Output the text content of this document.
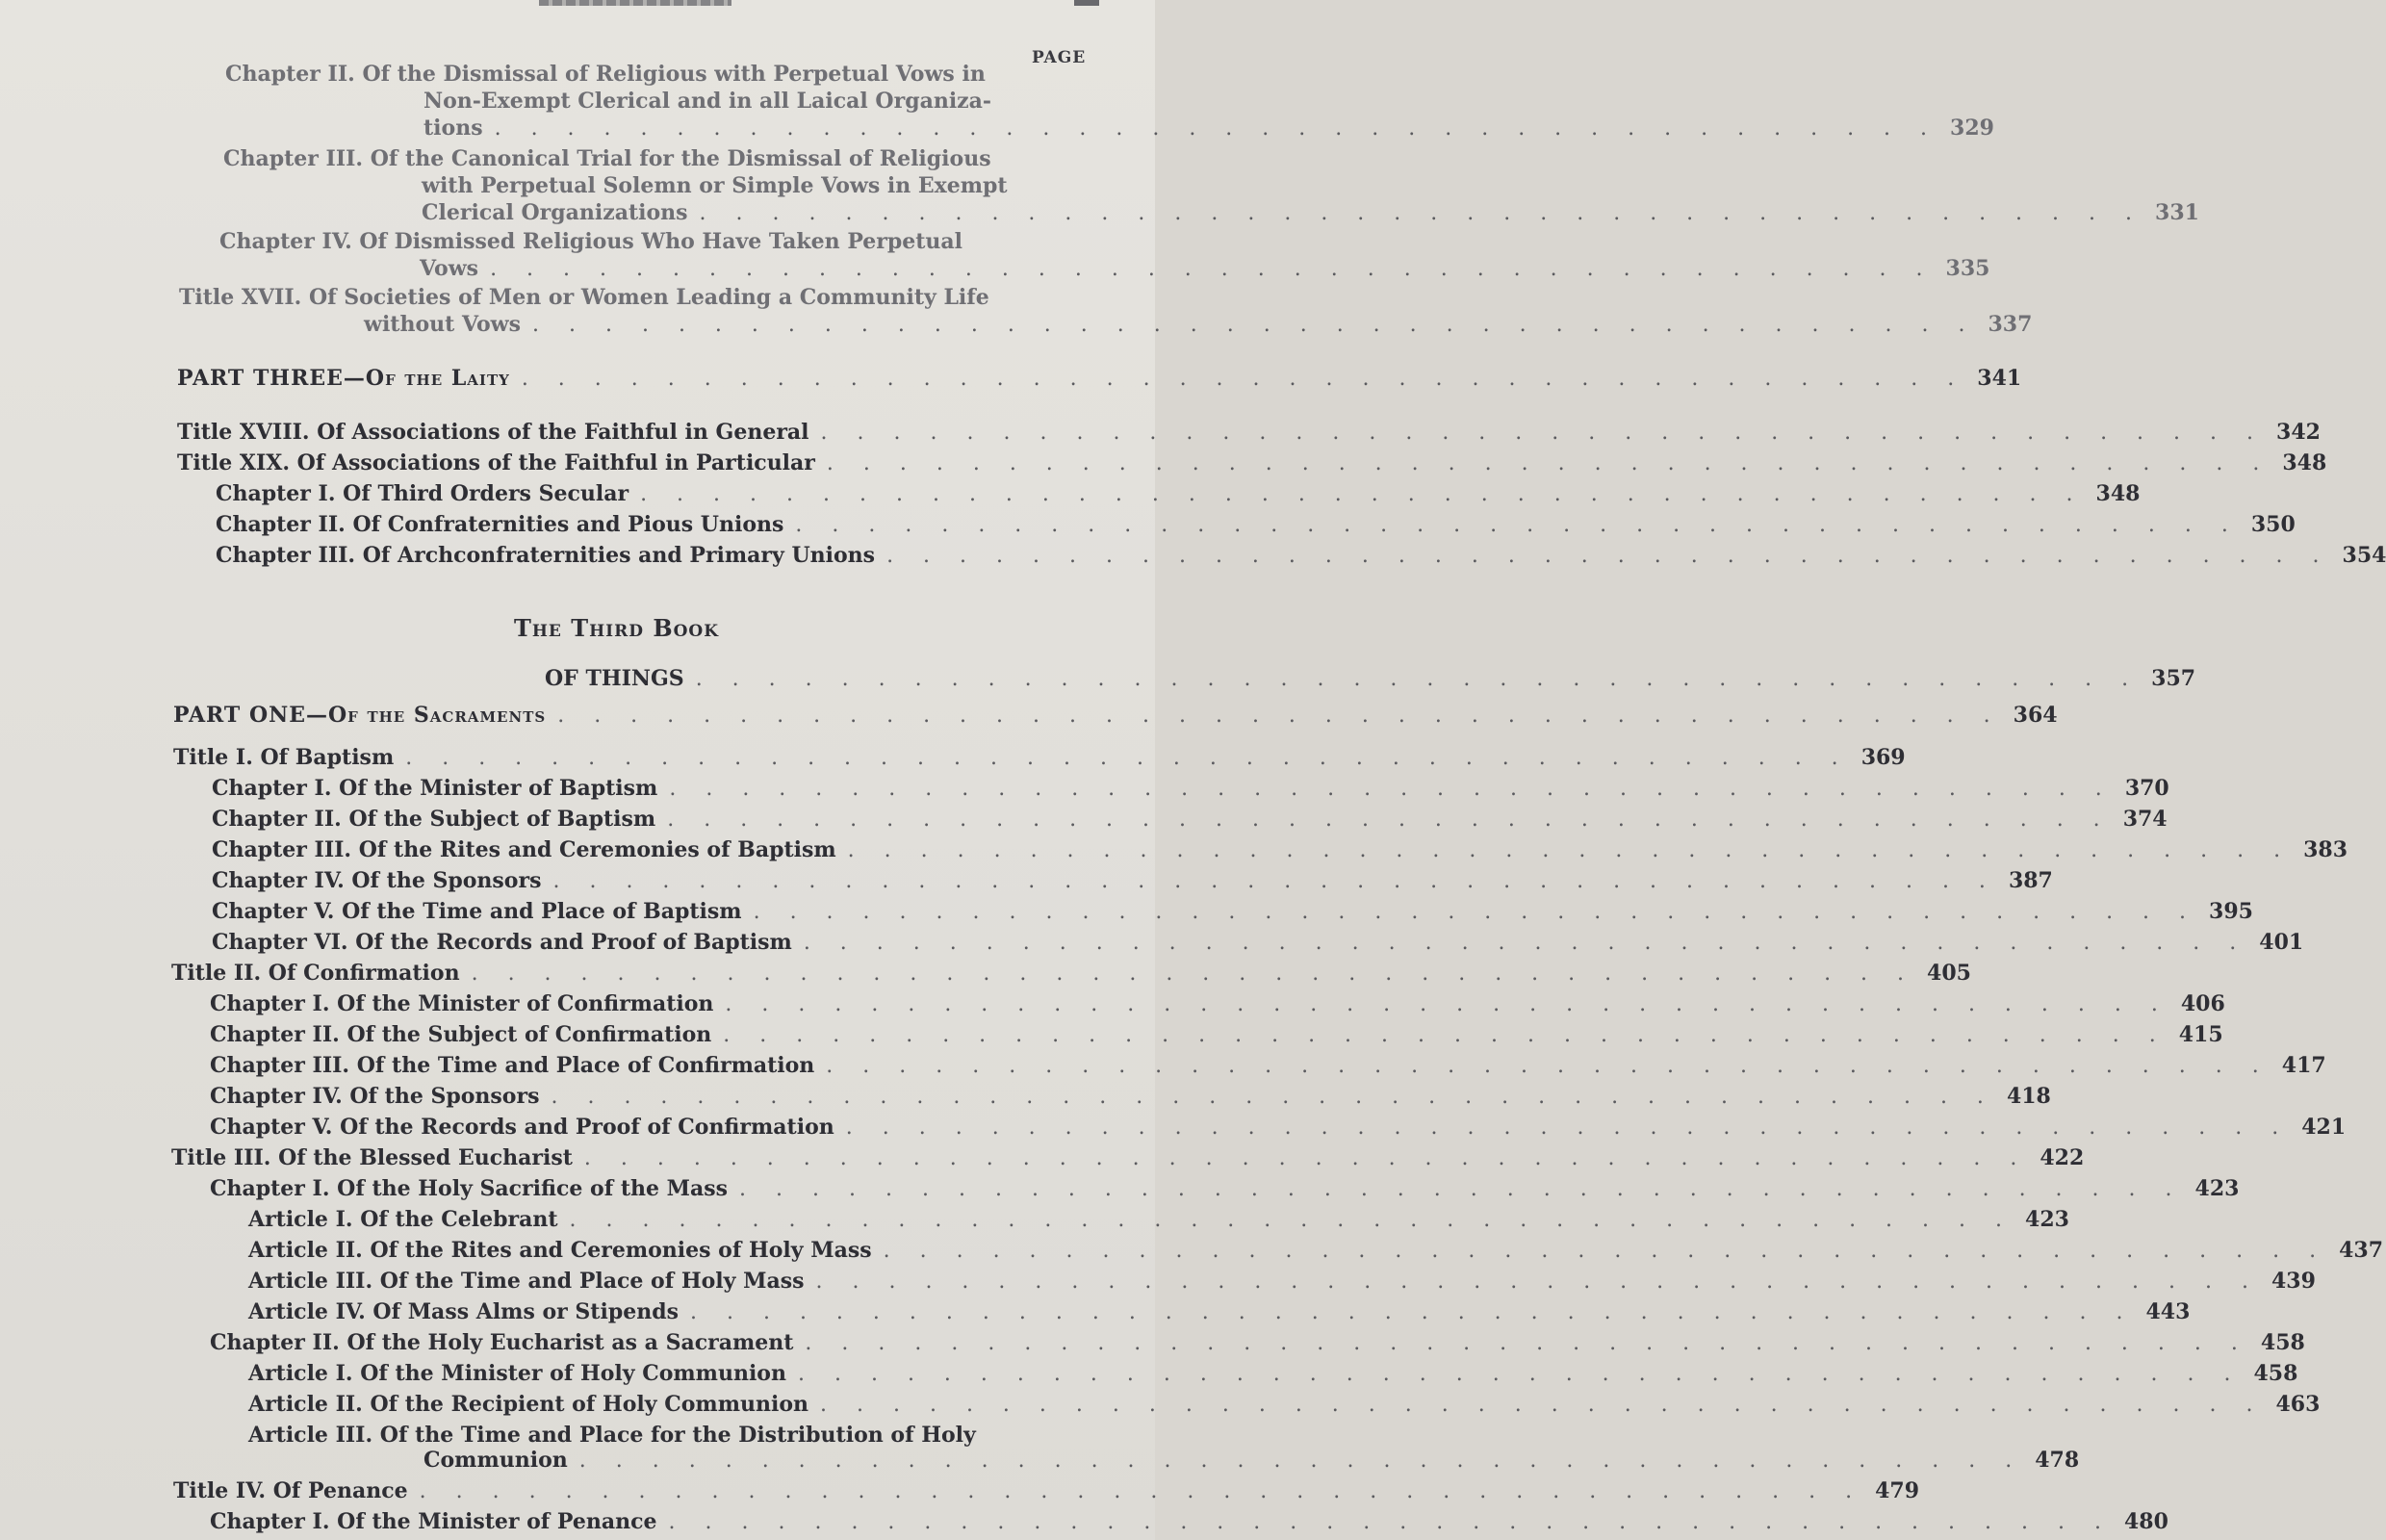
PAGE
Chapter II. Of the Dismissal of Religious with Perpetual Vows in
Non-Exempt Clerical and in all Laical Organiza-
tions . . . . . . . . . . . . . . . . . . . . . . . . . . . . . . . . . . . . . . . . 329
Chapter III. Of the Canonical Trial for the Dismissal of Religious
with Perpetual Solemn or Simple Vows in Exempt
Clerical Organizations . . . . . . . . . . . . . . . . . . . . . . . . . . . . . . . . . . . . . . . . 331
Chapter IV. Of Dismissed Religious Who Have Taken Perpetual
Vows . . . . . . . . . . . . . . . . . . . . . . . . . . . . . . . . . . . . . . . . 335
Title XVII. Of Societies of Men or Women Leading a Community Life
without Vows . . . . . . . . . . . . . . . . . . . . . . . . . . . . . . . . . . . . . . . . 337
PART THREE—Of the Laity . . . . . . . . . . . . . . . . . . . . . . . . . . . . . . . . . . . . . . . . 341
Title XVIII. Of Associations of the Faithful in General . . . . . . . . . . . . . . . . . . . . . . . . . . . . . . . . . . . . . . . . 342
Title XIX. Of Associations of the Faithful in Particular . . . . . . . . . . . . . . . . . . . . . . . . . . . . . . . . . . . . . . . . 348
Chapter I. Of Third Orders Secular . . . . . . . . . . . . . . . . . . . . . . . . . . . . . . . . . . . . . . . . 348
Chapter II. Of Confraternities and Pious Unions . . . . . . . . . . . . . . . . . . . . . . . . . . . . . . . . . . . . . . . . 350
Chapter III. Of Archconfraternities and Primary Unions . . . . . . . . . . . . . . . . . . . . . . . . . . . . . . . . . . . . . . . . 354
The Third Book
OF THINGS . . . . . . . . . . . . . . . . . . . . . . . . . . . . . . . . . . . . . . . . 357
PART ONE—Of the Sacraments . . . . . . . . . . . . . . . . . . . . . . . . . . . . . . . . . . . . . . . . 364
Title I. Of Baptism . . . . . . . . . . . . . . . . . . . . . . . . . . . . . . . . . . . . . . . . 369
Chapter I. Of the Minister of Baptism . . . . . . . . . . . . . . . . . . . . . . . . . . . . . . . . . . . . . . . . 370
Chapter II. Of the Subject of Baptism . . . . . . . . . . . . . . . . . . . . . . . . . . . . . . . . . . . . . . . . 374
Chapter III. Of the Rites and Ceremonies of Baptism . . . . . . . . . . . . . . . . . . . . . . . . . . . . . . . . . . . . . . . . 383
Chapter IV. Of the Sponsors . . . . . . . . . . . . . . . . . . . . . . . . . . . . . . . . . . . . . . . . 387
Chapter V. Of the Time and Place of Baptism . . . . . . . . . . . . . . . . . . . . . . . . . . . . . . . . . . . . . . . . 395
Chapter VI. Of the Records and Proof of Baptism . . . . . . . . . . . . . . . . . . . . . . . . . . . . . . . . . . . . . . . . 401
Title II. Of Confirmation . . . . . . . . . . . . . . . . . . . . . . . . . . . . . . . . . . . . . . . . 405
Chapter I. Of the Minister of Confirmation . . . . . . . . . . . . . . . . . . . . . . . . . . . . . . . . . . . . . . . . 406
Chapter II. Of the Subject of Confirmation . . . . . . . . . . . . . . . . . . . . . . . . . . . . . . . . . . . . . . . . 415
Chapter III. Of the Time and Place of Confirmation . . . . . . . . . . . . . . . . . . . . . . . . . . . . . . . . . . . . . . . . 417
Chapter IV. Of the Sponsors . . . . . . . . . . . . . . . . . . . . . . . . . . . . . . . . . . . . . . . . 418
Chapter V. Of the Records and Proof of Confirmation . . . . . . . . . . . . . . . . . . . . . . . . . . . . . . . . . . . . . . . . 421
Title III. Of the Blessed Eucharist . . . . . . . . . . . . . . . . . . . . . . . . . . . . . . . . . . . . . . . . 422
Chapter I. Of the Holy Sacrifice of the Mass . . . . . . . . . . . . . . . . . . . . . . . . . . . . . . . . . . . . . . . . 423
Article I. Of the Celebrant . . . . . . . . . . . . . . . . . . . . . . . . . . . . . . . . . . . . . . . . 423
Article II. Of the Rites and Ceremonies of Holy Mass . . . . . . . . . . . . . . . . . . . . . . . . . . . . . . . . . . . . . . . . 437
Article III. Of the Time and Place of Holy Mass . . . . . . . . . . . . . . . . . . . . . . . . . . . . . . . . . . . . . . . . 439
Article IV. Of Mass Alms or Stipends . . . . . . . . . . . . . . . . . . . . . . . . . . . . . . . . . . . . . . . . 443
Chapter II. Of the Holy Eucharist as a Sacrament . . . . . . . . . . . . . . . . . . . . . . . . . . . . . . . . . . . . . . . . 458
Article I. Of the Minister of Holy Communion . . . . . . . . . . . . . . . . . . . . . . . . . . . . . . . . . . . . . . . . 458
Article II. Of the Recipient of Holy Communion . . . . . . . . . . . . . . . . . . . . . . . . . . . . . . . . . . . . . . . . 463
Article III. Of the Time and Place for the Distribution of Holy
Communion . . . . . . . . . . . . . . . . . . . . . . . . . . . . . . . . . . . . . . . . 478
Title IV. Of Penance . . . . . . . . . . . . . . . . . . . . . . . . . . . . . . . . . . . . . . . . 479
Chapter I. Of the Minister of Penance . . . . . . . . . . . . . . . . . . . . . . . . . . . . . . . . . . . . . . . . 480
